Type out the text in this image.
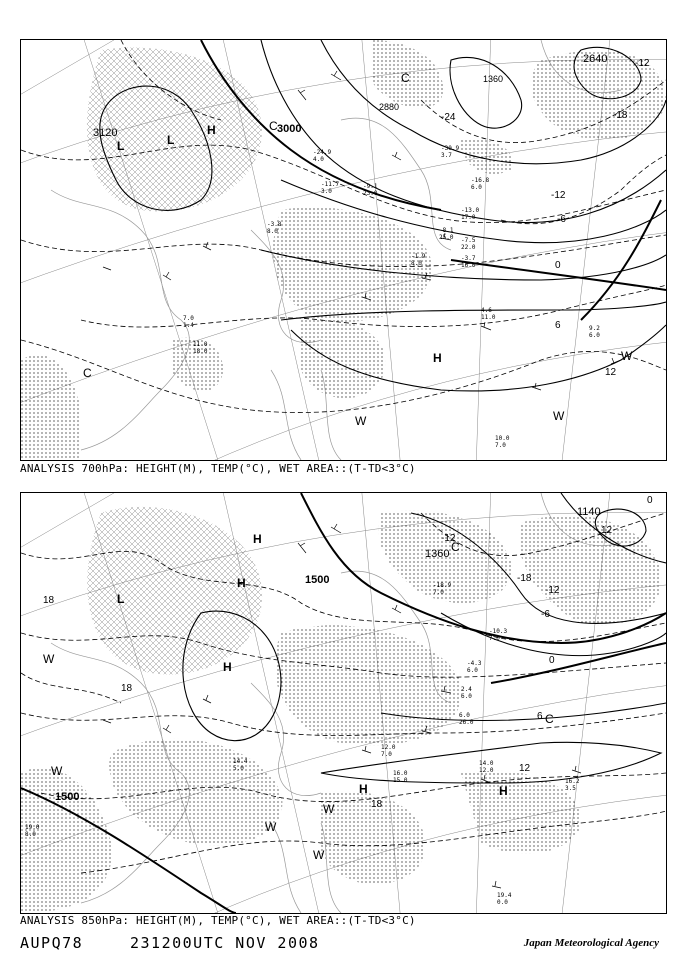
3120	3000
2880
2640
1360
-24
-12
-18
-12
-6
0
6
12
L	L
H	C
C
H
C
W	W
W
-24.9
4.0
-11.7
3.0
-9.1
23.0
-3.8
8.0	-8.1
25.0 -7.5
22.0
-3.7
16.0
-1.9
8.0
4.6
11.0
9.2
6.0
11.0
18.0
10.0
7.0
-30.9
3.7
-16.8
6.0
-13.0
17.0
7.0
1.4
ANALYSIS 700hPa: HEIGHT(M), TEMP(°C), WET AREA::(T-TD<3°C)
1500
1500
1360
1140
18
-18
-12
-6
0
6
12
18
18
12
-12
0
L
H
H
H
H	H
W
W
W
W
W
C
C
-18.9
7.0
-10.3
7.0
-4.3
6.0
2.4
6.0
6.0
26.0
12.0
7.0
16.0
15.0
14.0
12.0
16.2
3.5
19.4
0.0
14.4
5.0
19.0
8.0
ANALYSIS 850hPa: HEIGHT(M), TEMP(°C), WET AREA::(T-TD<3°C)
AUPQ78	231200UTC NOV 2008	Japan Meteorological Agency
